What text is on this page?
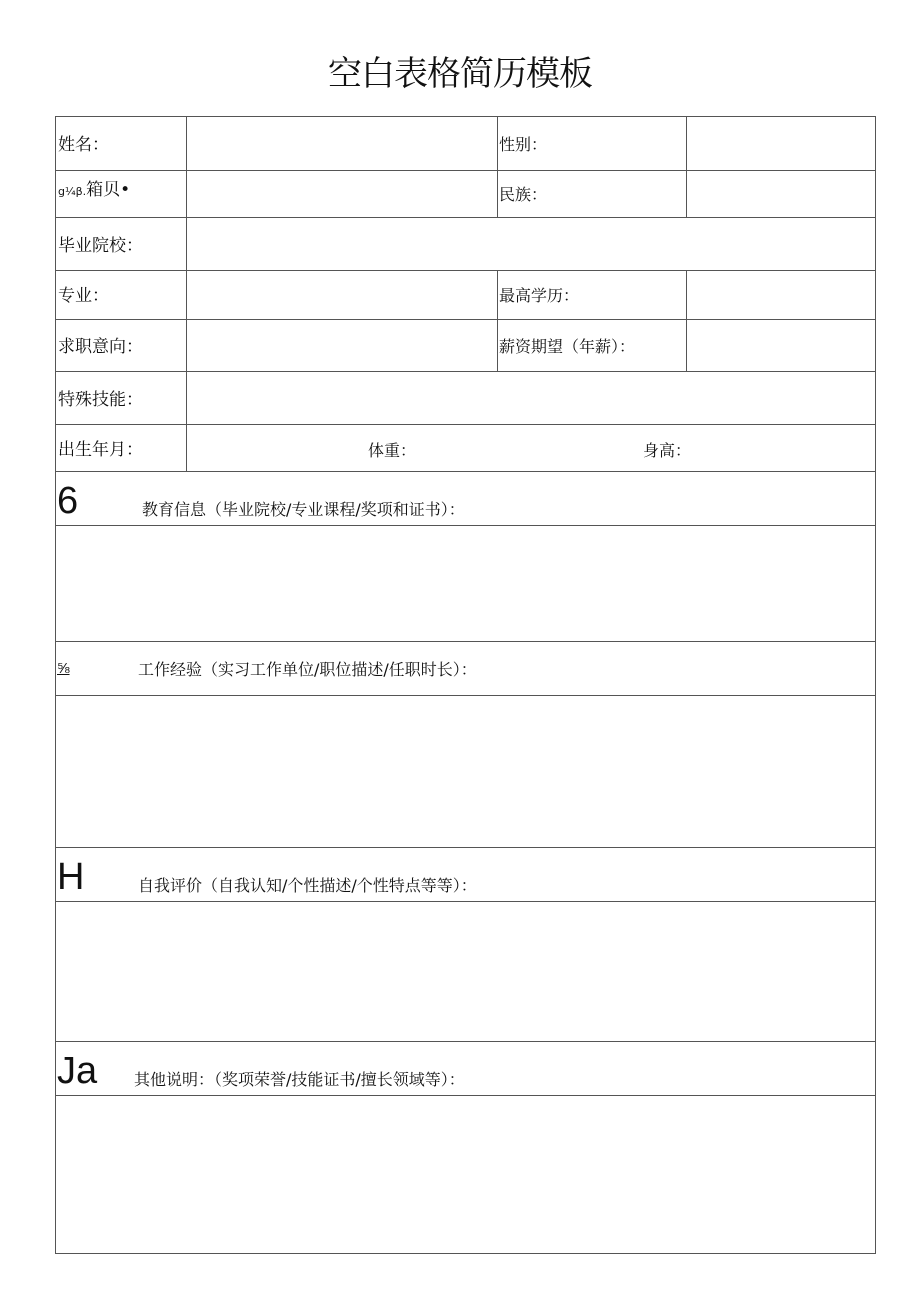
空白表格简历模板
姓名：	性别：
g¼β.箱贝•	民族：
毕业院校：
专业：	最高学历：
求职意向：	薪资期望（年薪）：
特殊技能：
出生年月：	体重：	身高：
6	教育信息（毕业院校/专业课程/奖项和证书）：
⅝	工作经验（实习工作单位/职位描述/任职时长）：
H	自我评价（自我认知/个性描述/个性特点等等）：
Ja 其他说明：（奖项荣誉/技能证书/擅长领域等）：
